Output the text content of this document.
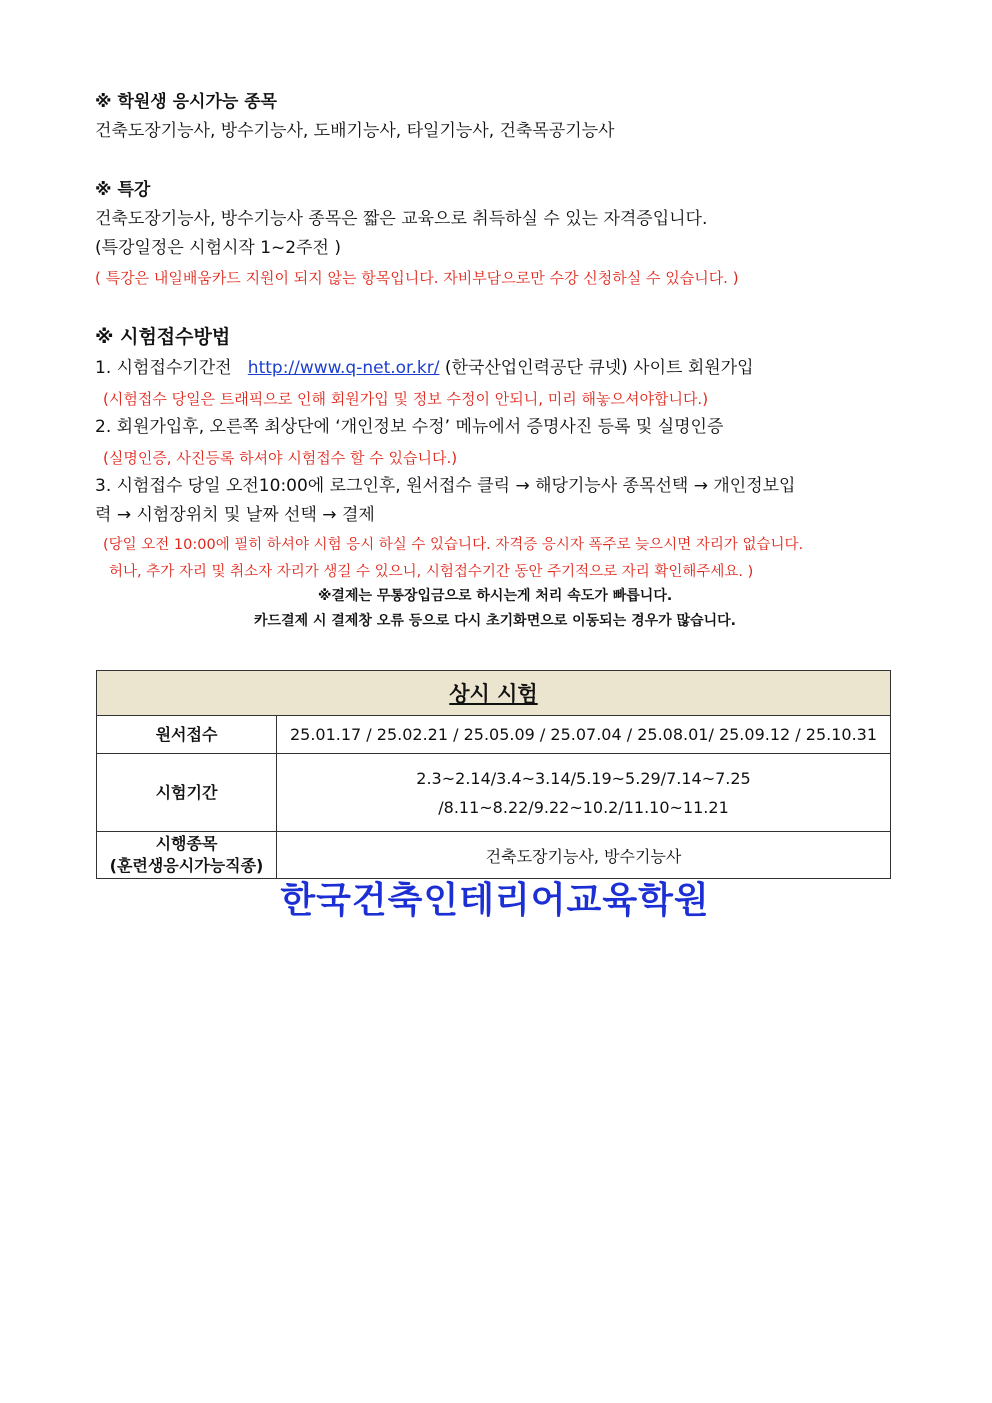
※ 학원생 응시가능 종목
건축도장기능사, 방수기능사, 도배기능사, 타일기능사, 건축목공기능사
※ 특강
건축도장기능사, 방수기능사 종목은 짧은 교육으로 취득하실 수 있는 자격증입니다.
(특강일정은 시험시작 1~2주전 )
( 특강은 내일배움카드 지원이 되지 않는 항목입니다. 자비부담으로만 수강 신청하실 수 있습니다. )
※ 시험접수방법
1. 시험접수기간전 http://www.q-net.or.kr/ (한국산업인력공단 큐넷) 사이트 회원가입
(시험접수 당일은 트래픽으로 인해 회원가입 및 정보 수정이 안되니, 미리 해놓으셔야합니다.)
2. 회원가입후, 오른쪽 최상단에 ‘개인정보 수정’ 메뉴에서 증명사진 등록 및 실명인증
(실명인증, 사진등록 하셔야 시험접수 할 수 있습니다.)
3. 시험접수 당일 오전10:00에 로그인후, 원서접수 클릭 → 해당기능사 종목선택 → 개인정보입
력 → 시험장위치 및 날짜 선택 → 결제
(당일 오전 10:00에 필히 하셔야 시험 응시 하실 수 있습니다. 자격증 응시자 폭주로 늦으시면 자리가 없습니다.
허나, 추가 자리 및 취소자 자리가 생길 수 있으니, 시험접수기간 동안 주기적으로 자리 확인해주세요. )
※결제는 무통장입금으로 하시는게 처리 속도가 빠릅니다.
카드결제 시 결제창 오류 등으로 다시 초기화면으로 이동되는 경우가 많습니다.
상시 시험	
원서접수	25.01.17 / 25.02.21 / 25.05.09 / 25.07.04 / 25.08.01/ 25.09.12 / 25.10.31
시험기간	2.3~2.14/3.4~3.14/5.19~5.29/7.14~7.25
/8.11~8.22/9.22~10.2/11.10~11.21

시행종목
(훈련생응시가능직종)	건축도장기능사, 방수기능사
한국건축인테리어교육학원
